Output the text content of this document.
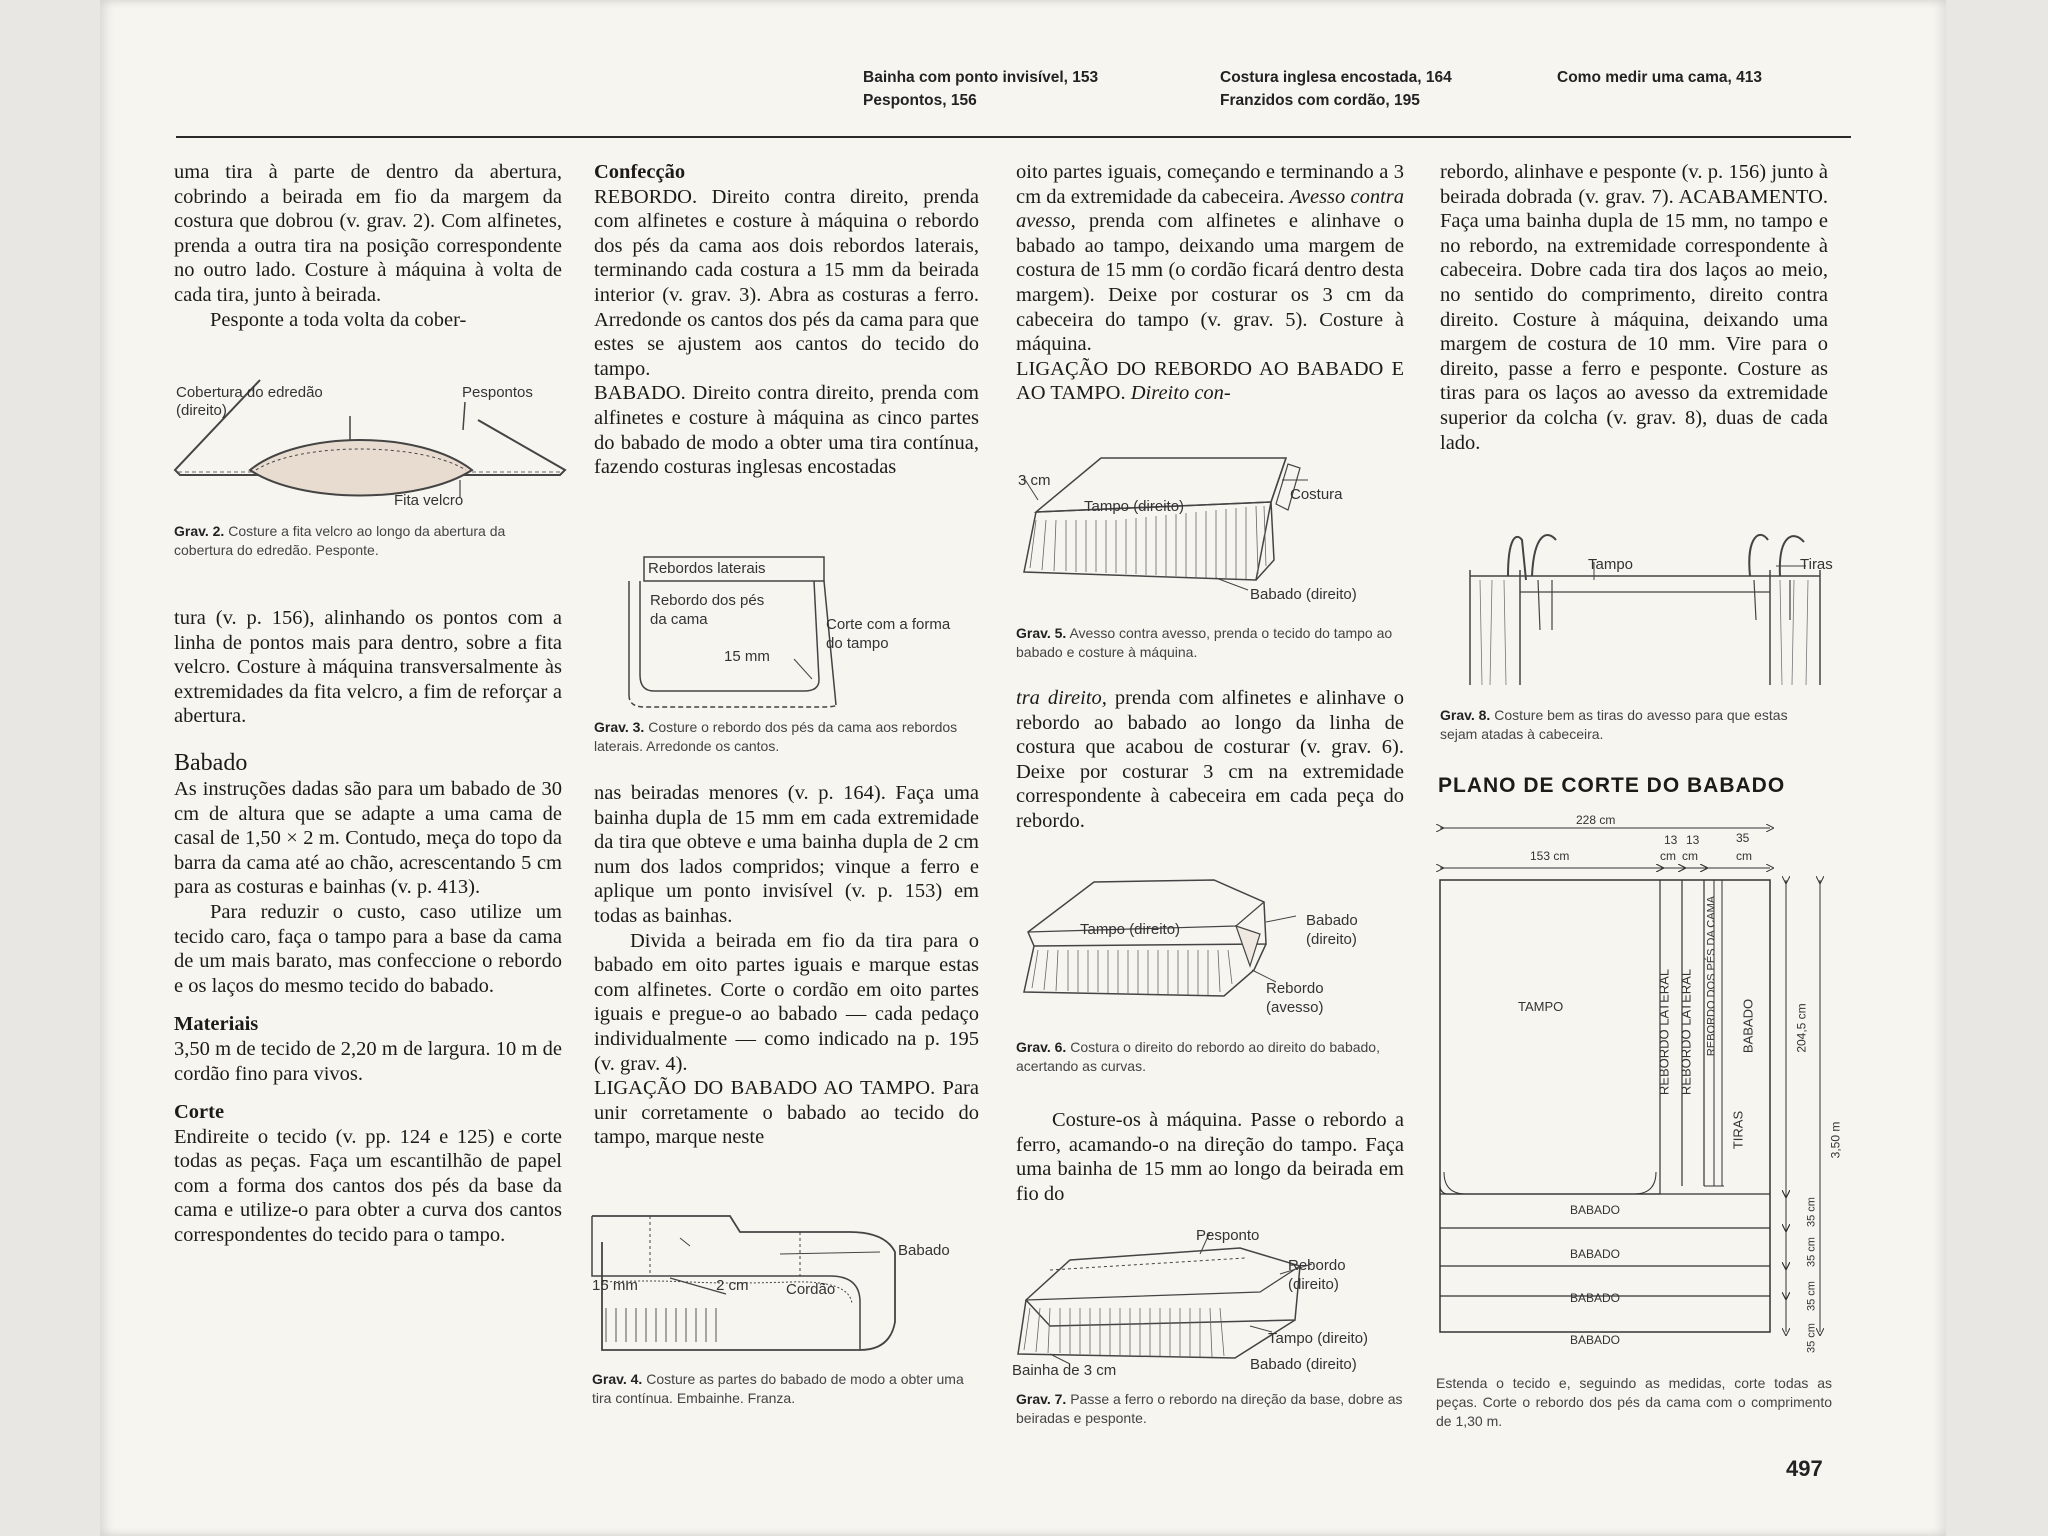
Bainha com ponto invisível, 153
Pespontos, 156
Costura inglesa encostada, 164
Franzidos com cordão, 195
Como medir uma cama, 413

uma tira à parte de dentro da abertura, cobrindo a beirada em fio da margem da costura que dobrou (v. grav. 2). Com alfinetes, prenda a outra tira na posição correspondente no outro lado. Costure à máquina à volta de cada tira, junto à beirada.

Pesponte a toda volta da cober-

Cobertura do edredão
(direito)
Pespontos
Fita velcro
Grav. 2. Costure a fita velcro ao longo da abertura da cobertura do edredão. Pesponte.

tura (v. p. 156), alinhando os pontos com a linha de pontos mais para dentro, sobre a fita velcro. Costure à máquina transversalmente às extremidades da fita velcro, a fim de reforçar a abertura.

Babado

As instruções dadas são para um babado de 30 cm de altura que se adapte a uma cama de casal de 1,50 × 2 m. Contudo, meça do topo da barra da cama até ao chão, acrescentando 5 cm para as costuras e bainhas (v. p. 413).

Para reduzir o custo, caso utilize um tecido caro, faça o tampo para a base da cama de um mais barato, mas confeccione o rebordo e os laços do mesmo tecido do babado.

Materiais

3,50 m de tecido de 2,20 m de largura. 10 m de cordão fino para vivos.

Corte

Endireite o tecido (v. pp. 124 e 125) e corte todas as peças. Faça um escantilhão de papel com a forma dos cantos dos pés da base da cama e utilize-o para obter a curva dos cantos correspondentes do tecido para o tampo.

Confecção

REBORDO. Direito contra direito, prenda com alfinetes e costure à máquina o rebordo dos pés da cama aos dois rebordos laterais, terminando cada costura a 15 mm da beirada interior (v. grav. 3). Abra as costuras a ferro. Arredonde os cantos dos pés da cama para que estes se ajustem aos cantos do tecido do tampo.

BABADO. Direito contra direito, prenda com alfinetes e costure à máquina as cinco partes do babado de modo a obter uma tira contínua, fazendo costuras inglesas encostadas

Rebordos laterais
Rebordo dos pés
da cama
15 mm
Corte com a forma
do tampo
Grav. 3. Costure o rebordo dos pés da cama aos rebordos laterais. Arredonde os cantos.

nas beiradas menores (v. p. 164). Faça uma bainha dupla de 15 mm em cada extremidade da tira que obteve e uma bainha dupla de 2 cm num dos lados compridos; vinque a ferro e aplique um ponto invisível (v. p. 153) em todas as bainhas.

Divida a beirada em fio da tira para o babado em oito partes iguais e marque estas com alfinetes. Corte o cordão em oito partes iguais e pregue-o ao babado — cada pedaço individualmente — como indicado na p. 195 (v. grav. 4).

LIGAÇÃO DO BABADO AO TAMPO. Para unir corretamente o babado ao tecido do tampo, marque neste

Babado
15 mm	2 cm Cordão
Grav. 4. Costure as partes do babado de modo a obter uma tira contínua. Embainhe. Franza.

oito partes iguais, começando e terminando a 3 cm da extremidade da cabeceira. Avesso contra avesso, prenda com alfinetes e alinhave o babado ao tampo, deixando uma margem de costura de 15 mm (o cordão ficará dentro desta margem). Deixe por costurar os 3 cm da cabeceira do tampo (v. grav. 5). Costure à máquina.

LIGAÇÃO DO REBORDO AO BABADO E AO TAMPO. Direito con-

3 cm
Tampo (direito)
Costura
Babado (direito)
Grav. 5. Avesso contra avesso, prenda o tecido do tampo ao babado e costure à máquina.

tra direito, prenda com alfinetes e alinhave o rebordo ao babado ao longo da linha de costura que acabou de costurar (v. grav. 6). Deixe por costurar 3 cm na extremidade correspondente à cabeceira em cada peça do rebordo.

Tampo (direito)
Babado
(direito)
Rebordo
(avesso)
Grav. 6. Costura o direito do rebordo ao direito do babado, acertando as curvas.

Costure-os à máquina. Passe o rebordo a ferro, acamando-o na direção do tampo. Faça uma bainha de 15 mm ao longo da beirada em fio do

Pesponto
Rebordo
(direito)
Tampo (direito)
Babado (direito)
Bainha de 3 cm
Grav. 7. Passe a ferro o rebordo na direção da base, dobre as beiradas e pesponte.

rebordo, alinhave e pesponte (v. p. 156) junto à beirada dobrada (v. grav. 7). ACABAMENTO. Faça uma bainha dupla de 15 mm, no tampo e no rebordo, na extremidade correspondente à cabeceira. Dobre cada tira dos laços ao meio, no sentido do comprimento, direito contra direito. Costure à máquina, deixando uma margem de costura de 10 mm. Vire para o direito, passe a ferro e pesponte. Costure as tiras para os laços ao avesso da extremidade superior da colcha (v. grav. 8), duas de cada lado.

Tampo	Tiras
Grav. 8. Costure bem as tiras do avesso para que estas sejam atadas à cabeceira.
PLANO DE CORTE DO BABADO
228 cm
153 cm
13 13	35
cm cm	cm
TAMPO	REBORDO LATERAL REBORDO LATERAL REBORDO DOS PÉS DA CAMA BABADO
TIRAS
204,5 cm
3,50 m
BABADO
BABADO
BABADO
BABADO
35 cm
35 cm
35 cm
35 cm
Estenda o tecido e, seguindo as medidas, corte todas as peças. Corte o rebordo dos pés da cama com o comprimento de 1,30 m.
497
